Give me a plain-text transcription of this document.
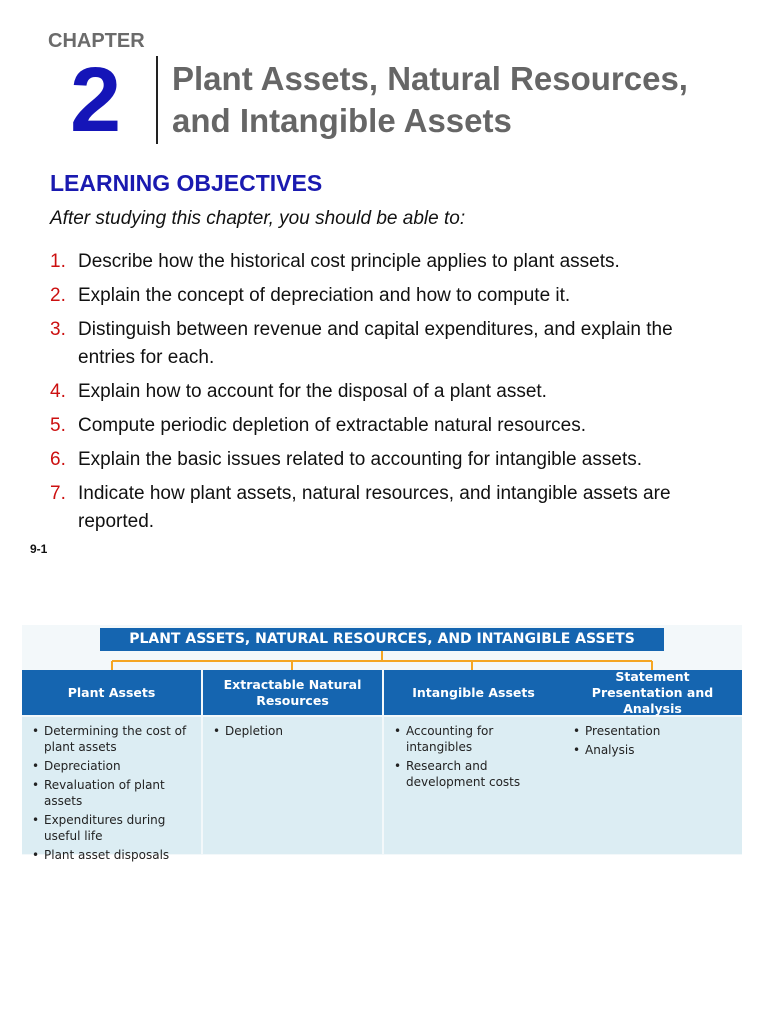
CHAPTER
2 Plant Assets, Natural Resources,
and Intangible Assets
LEARNING OBJECTIVES
After studying this chapter, you should be able to:
1. Describe how the historical cost principle applies to plant assets.
2. Explain the concept of depreciation and how to compute it.
3. Distinguish between revenue and capital expenditures, and explain the entries for each.
4. Explain how to account for the disposal of a plant asset.
5. Compute periodic depletion of extractable natural resources.
6. Explain the basic issues related to accounting for intangible assets.
7. Indicate how plant assets, natural resources, and intangible assets are reported.
9-1
PLANT ASSETS, NATURAL RESOURCES, AND INTANGIBLE ASSETS
Plant Assets
• Determining the cost of plant assets
• Depreciation
• Revaluation of plant assets
• Expenditures during useful life
• Plant asset disposals
Extractable Natural Resources
• Depletion
Intangible Assets
• Accounting for intangibles
• Research and development costs
Statement Presentation and Analysis
• Presentation
• Analysis
